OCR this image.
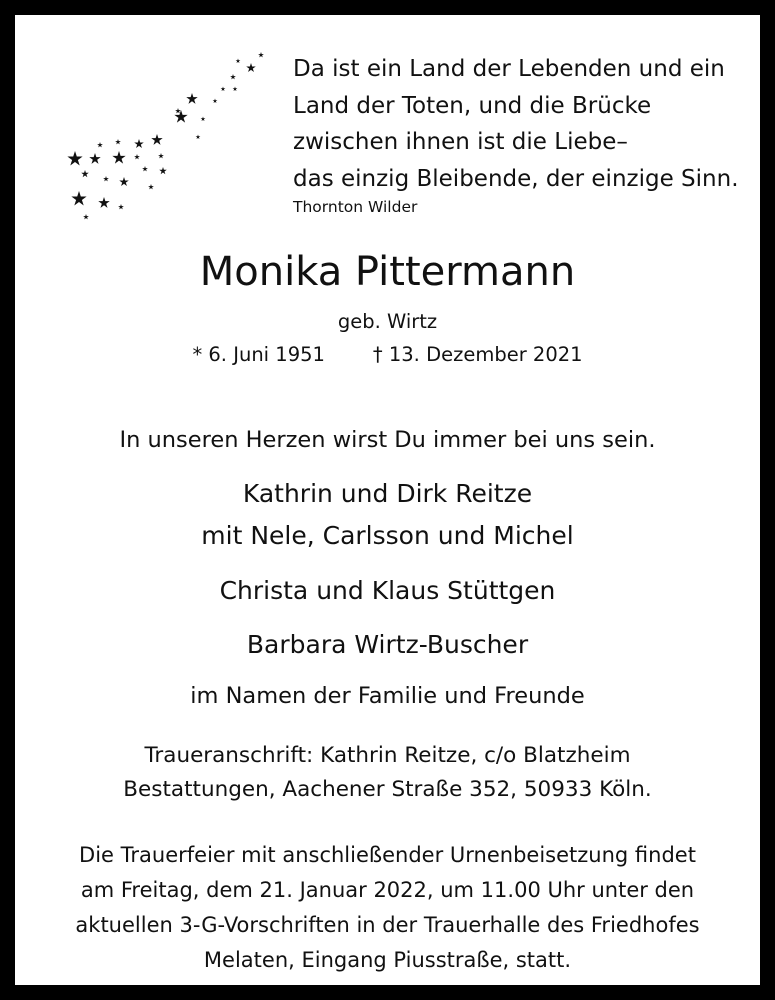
Da ist ein Land der Lebenden und ein
Land der Toten, und die Brücke
zwischen ihnen ist die Liebe–
das einzig Bleibende, der einzige Sinn.
Thornton Wilder
Monika Pittermann
geb. Wirtz
* 6. Juni 1951 † 13. Dezember 2021
In unseren Herzen wirst Du immer bei uns sein.
Kathrin und Dirk Reitze
mit Nele, Carlsson und Michel
Christa und Klaus Stüttgen
Barbara Wirtz-Buscher
im Namen der Familie und Freunde
Traueranschrift: Kathrin Reitze, c/o Blatzheim
Bestattungen, Aachener Straße 352, 50933 Köln.
Die Trauerfeier mit anschließender Urnenbeisetzung findet
am Freitag, dem 21. Januar 2022, um 11.00 Uhr unter den
aktuellen 3-G-Vorschriften in der Trauerhalle des Friedhofes
Melaten, Eingang Piusstraße, statt.
